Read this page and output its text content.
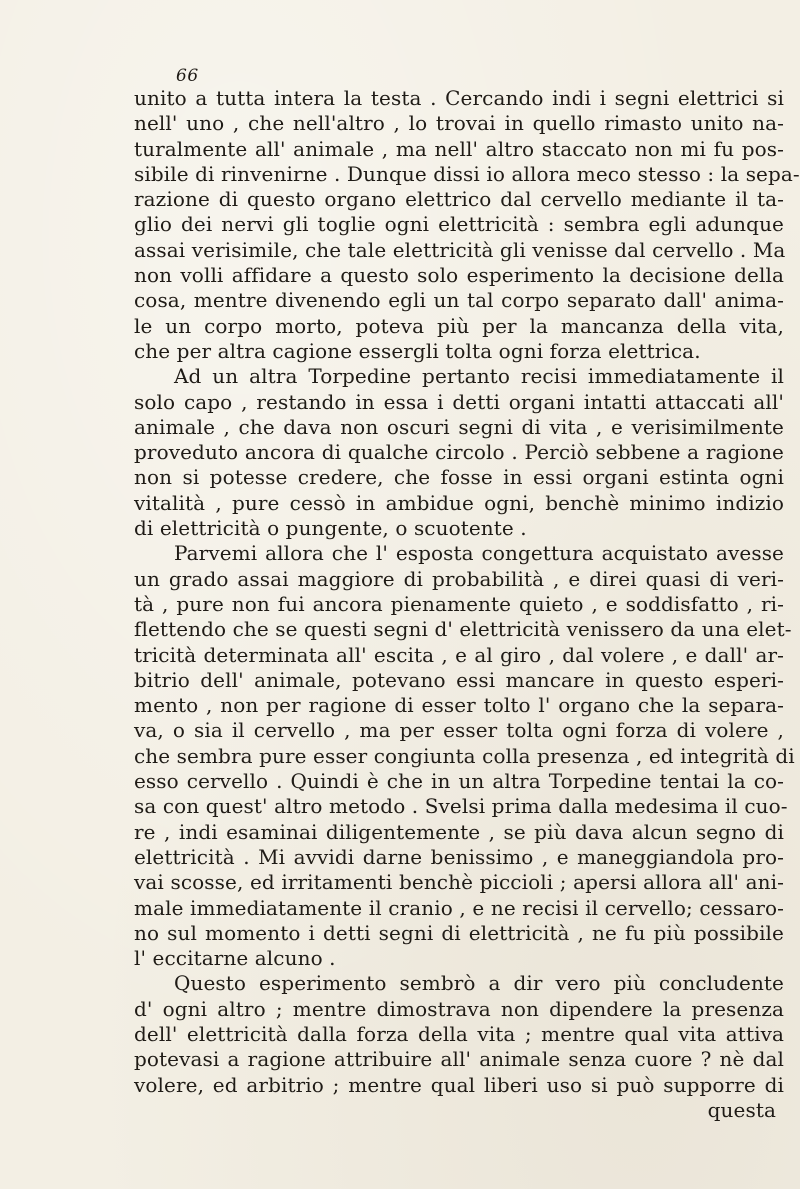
66
unito a tutta intera la testa . Cercando indi i segni elettrici si
nell' uno , che nell'altro , lo trovai in quello rimasto unito na-
turalmente all' animale , ma nell' altro staccato non mi fu pos-
sibile di rinvenirne . Dunque dissi io allora meco stesso : la sepa-
razione di questo organo elettrico dal cervello mediante il ta-
glio dei nervi gli toglie ogni elettricità : sembra egli adunque
assai verisimile, che tale elettricità gli venisse dal cervello . Ma
non volli affidare a questo solo esperimento la decisione della
cosa, mentre divenendo egli un tal corpo separato dall' anima-
le un corpo morto, poteva più per la mancanza della vita,
che per altra cagione essergli tolta ogni forza elettrica.
Ad un altra Torpedine pertanto recisi immediatamente il
solo capo , restando in essa i detti organi intatti attaccati all'
animale , che dava non oscuri segni di vita , e verisimilmente
proveduto ancora di qualche circolo . Perciò sebbene a ragione
non si potesse credere, che fosse in essi organi estinta ogni
vitalità , pure cessò in ambidue ogni, benchè minimo indizio
di elettricità o pungente, o scuotente .
Parvemi allora che l' esposta congettura acquistato avesse
un grado assai maggiore di probabilità , e direi quasi di veri-
tà , pure non fui ancora pienamente quieto , e soddisfatto , ri-
flettendo che se questi segni d' elettricità venissero da una elet-
tricità determinata all' escita , e al giro , dal volere , e dall' ar-
bitrio dell' animale, potevano essi mancare in questo esperi-
mento , non per ragione di esser tolto l' organo che la separa-
va, o sia il cervello , ma per esser tolta ogni forza di volere ,
che sembra pure esser congiunta colla presenza , ed integrità di
esso cervello . Quindi è che in un altra Torpedine tentai la co-
sa con quest' altro metodo . Svelsi prima dalla medesima il cuo-
re , indi esaminai diligentemente , se più dava alcun segno di
elettricità . Mi avvidi darne benissimo , e maneggiandola pro-
vai scosse, ed irritamenti benchè piccioli ; apersi allora all' ani-
male immediatamente il cranio , e ne recisi il cervello; cessaro-
no sul momento i detti segni di elettricità , ne fu più possibile
l' eccitarne alcuno .
Questo esperimento sembrò a dir vero più concludente
d' ogni altro ; mentre dimostrava non dipendere la presenza
dell' elettricità dalla forza della vita ; mentre qual vita attiva
potevasi a ragione attribuire all' animale senza cuore ? nè dal
volere, ed arbitrio ; mentre qual liberi uso si può supporre di
questa
